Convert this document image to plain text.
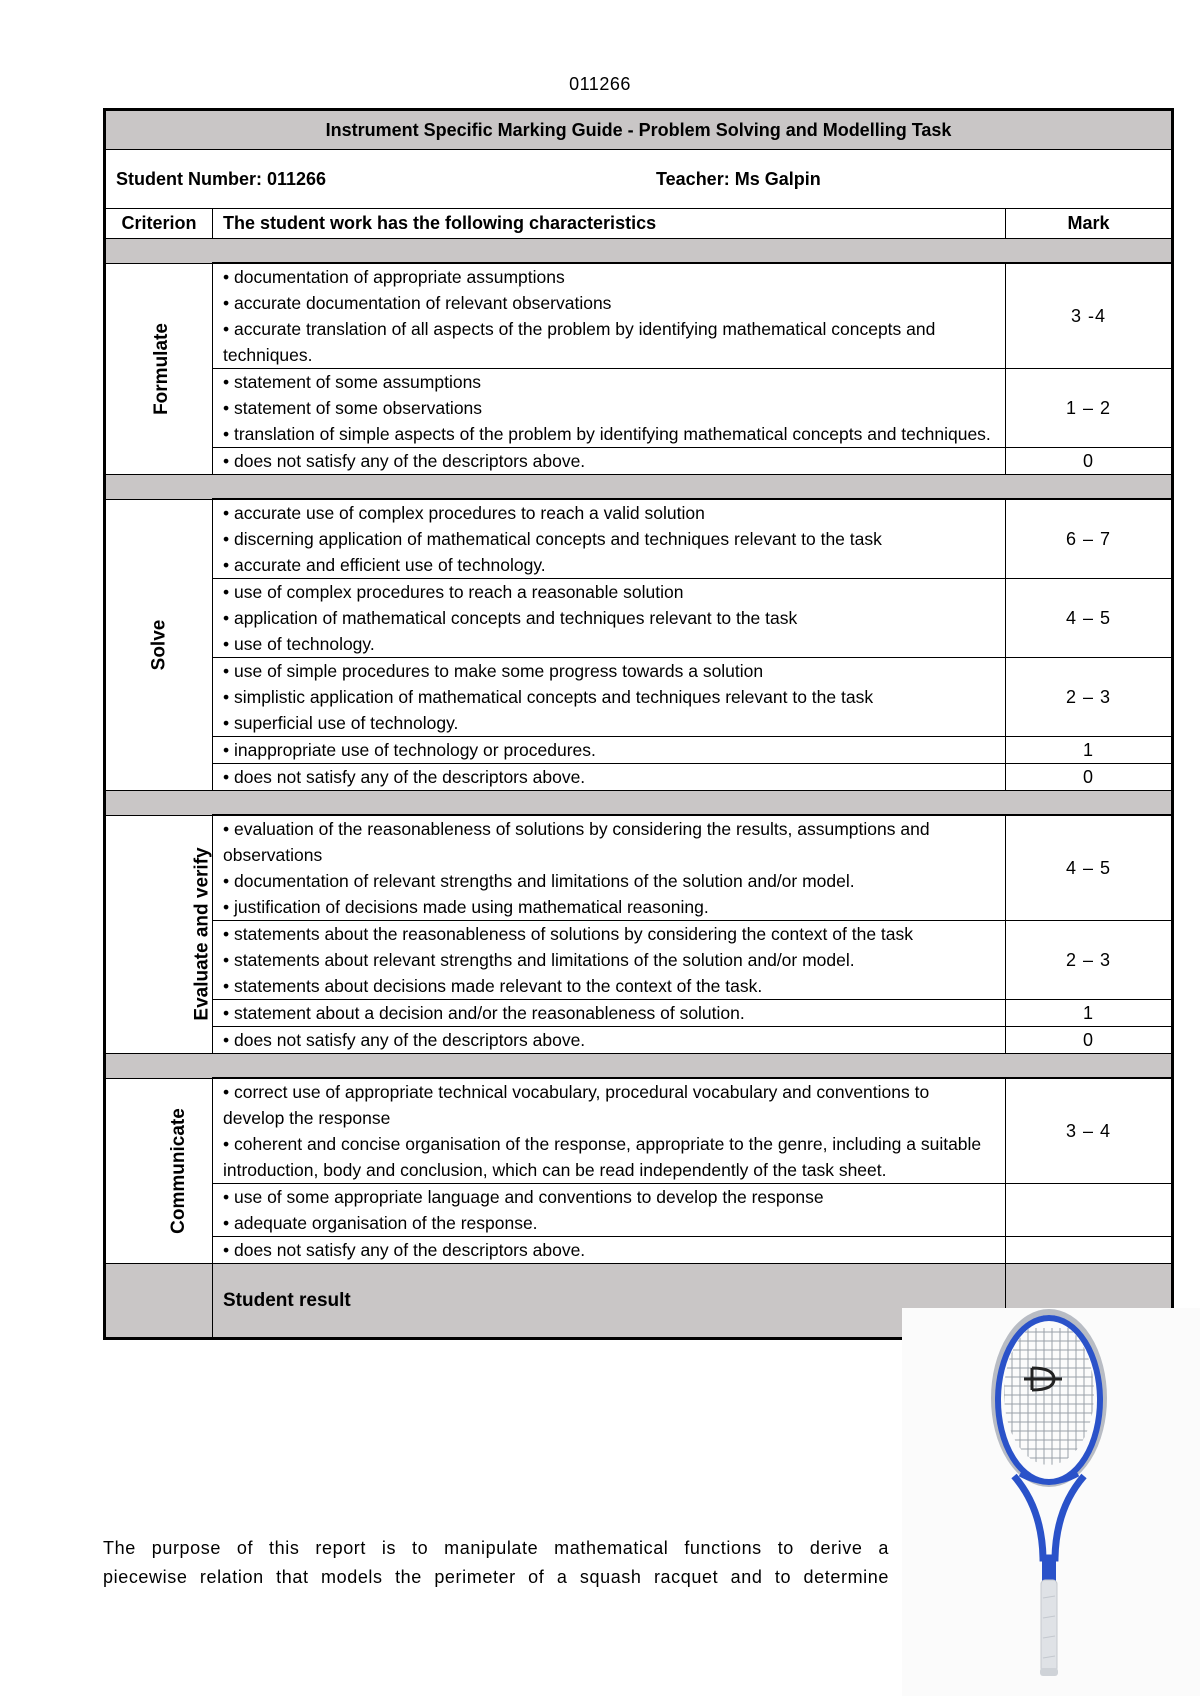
011266
Instrument Specific Marking Guide - Problem Solving and Modelling Task		
Student Number: 011266 Teacher: Ms Galpin		
Criterion	The student work has the following characteristics	Mark

Formulate	• documentation of appropriate assumptions
• accurate documentation of relevant observations
• accurate translation of all aspects of the problem by identifying mathematical concepts and techniques.	3 -4

	• statement of some assumptions
• statement of some observations
• translation of simple aspects of the problem by identifying mathematical concepts and techniques.	1 – 2

	• does not satisfy any of the descriptors above.	0

Solve	• accurate use of complex procedures to reach a valid solution
• discerning application of mathematical concepts and techniques relevant to the task
• accurate and efficient use of technology.	6 – 7

	• use of complex procedures to reach a reasonable solution
• application of mathematical concepts and techniques relevant to the task
• use of technology.	4 – 5

	• use of simple procedures to make some progress towards a solution
• simplistic application of mathematical concepts and techniques relevant to the task
• superficial use of technology.	2 – 3

	• inappropriate use of technology or procedures.	1

	• does not satisfy any of the descriptors above.	0

Evaluate and verify	• evaluation of the reasonableness of solutions by considering the results, assumptions and observations
• documentation of relevant strengths and limitations of the solution and/or model.
• justification of decisions made using mathematical reasoning.	4 – 5

	• statements about the reasonableness of solutions by considering the context of the task
• statements about relevant strengths and limitations of the solution and/or model.
• statements about decisions made relevant to the context of the task.	2 – 3

	• statement about a decision and/or the reasonableness of solution.	1

	• does not satisfy any of the descriptors above.	0

Communicate	• correct use of appropriate technical vocabulary, procedural vocabulary and conventions to develop the response
• coherent and concise organisation of the response, appropriate to the genre, including a suitable introduction, body and conclusion, which can be read independently of the task sheet.	3 – 4

	• use of some appropriate language and conventions to develop the response
• adequate organisation of the response.	

	• does not satisfy any of the descriptors above.	

	Student result	
The purpose of this report is to manipulate mathematical functions to derive a
piecewise relation that models the perimeter of a squash racquet and to determine
